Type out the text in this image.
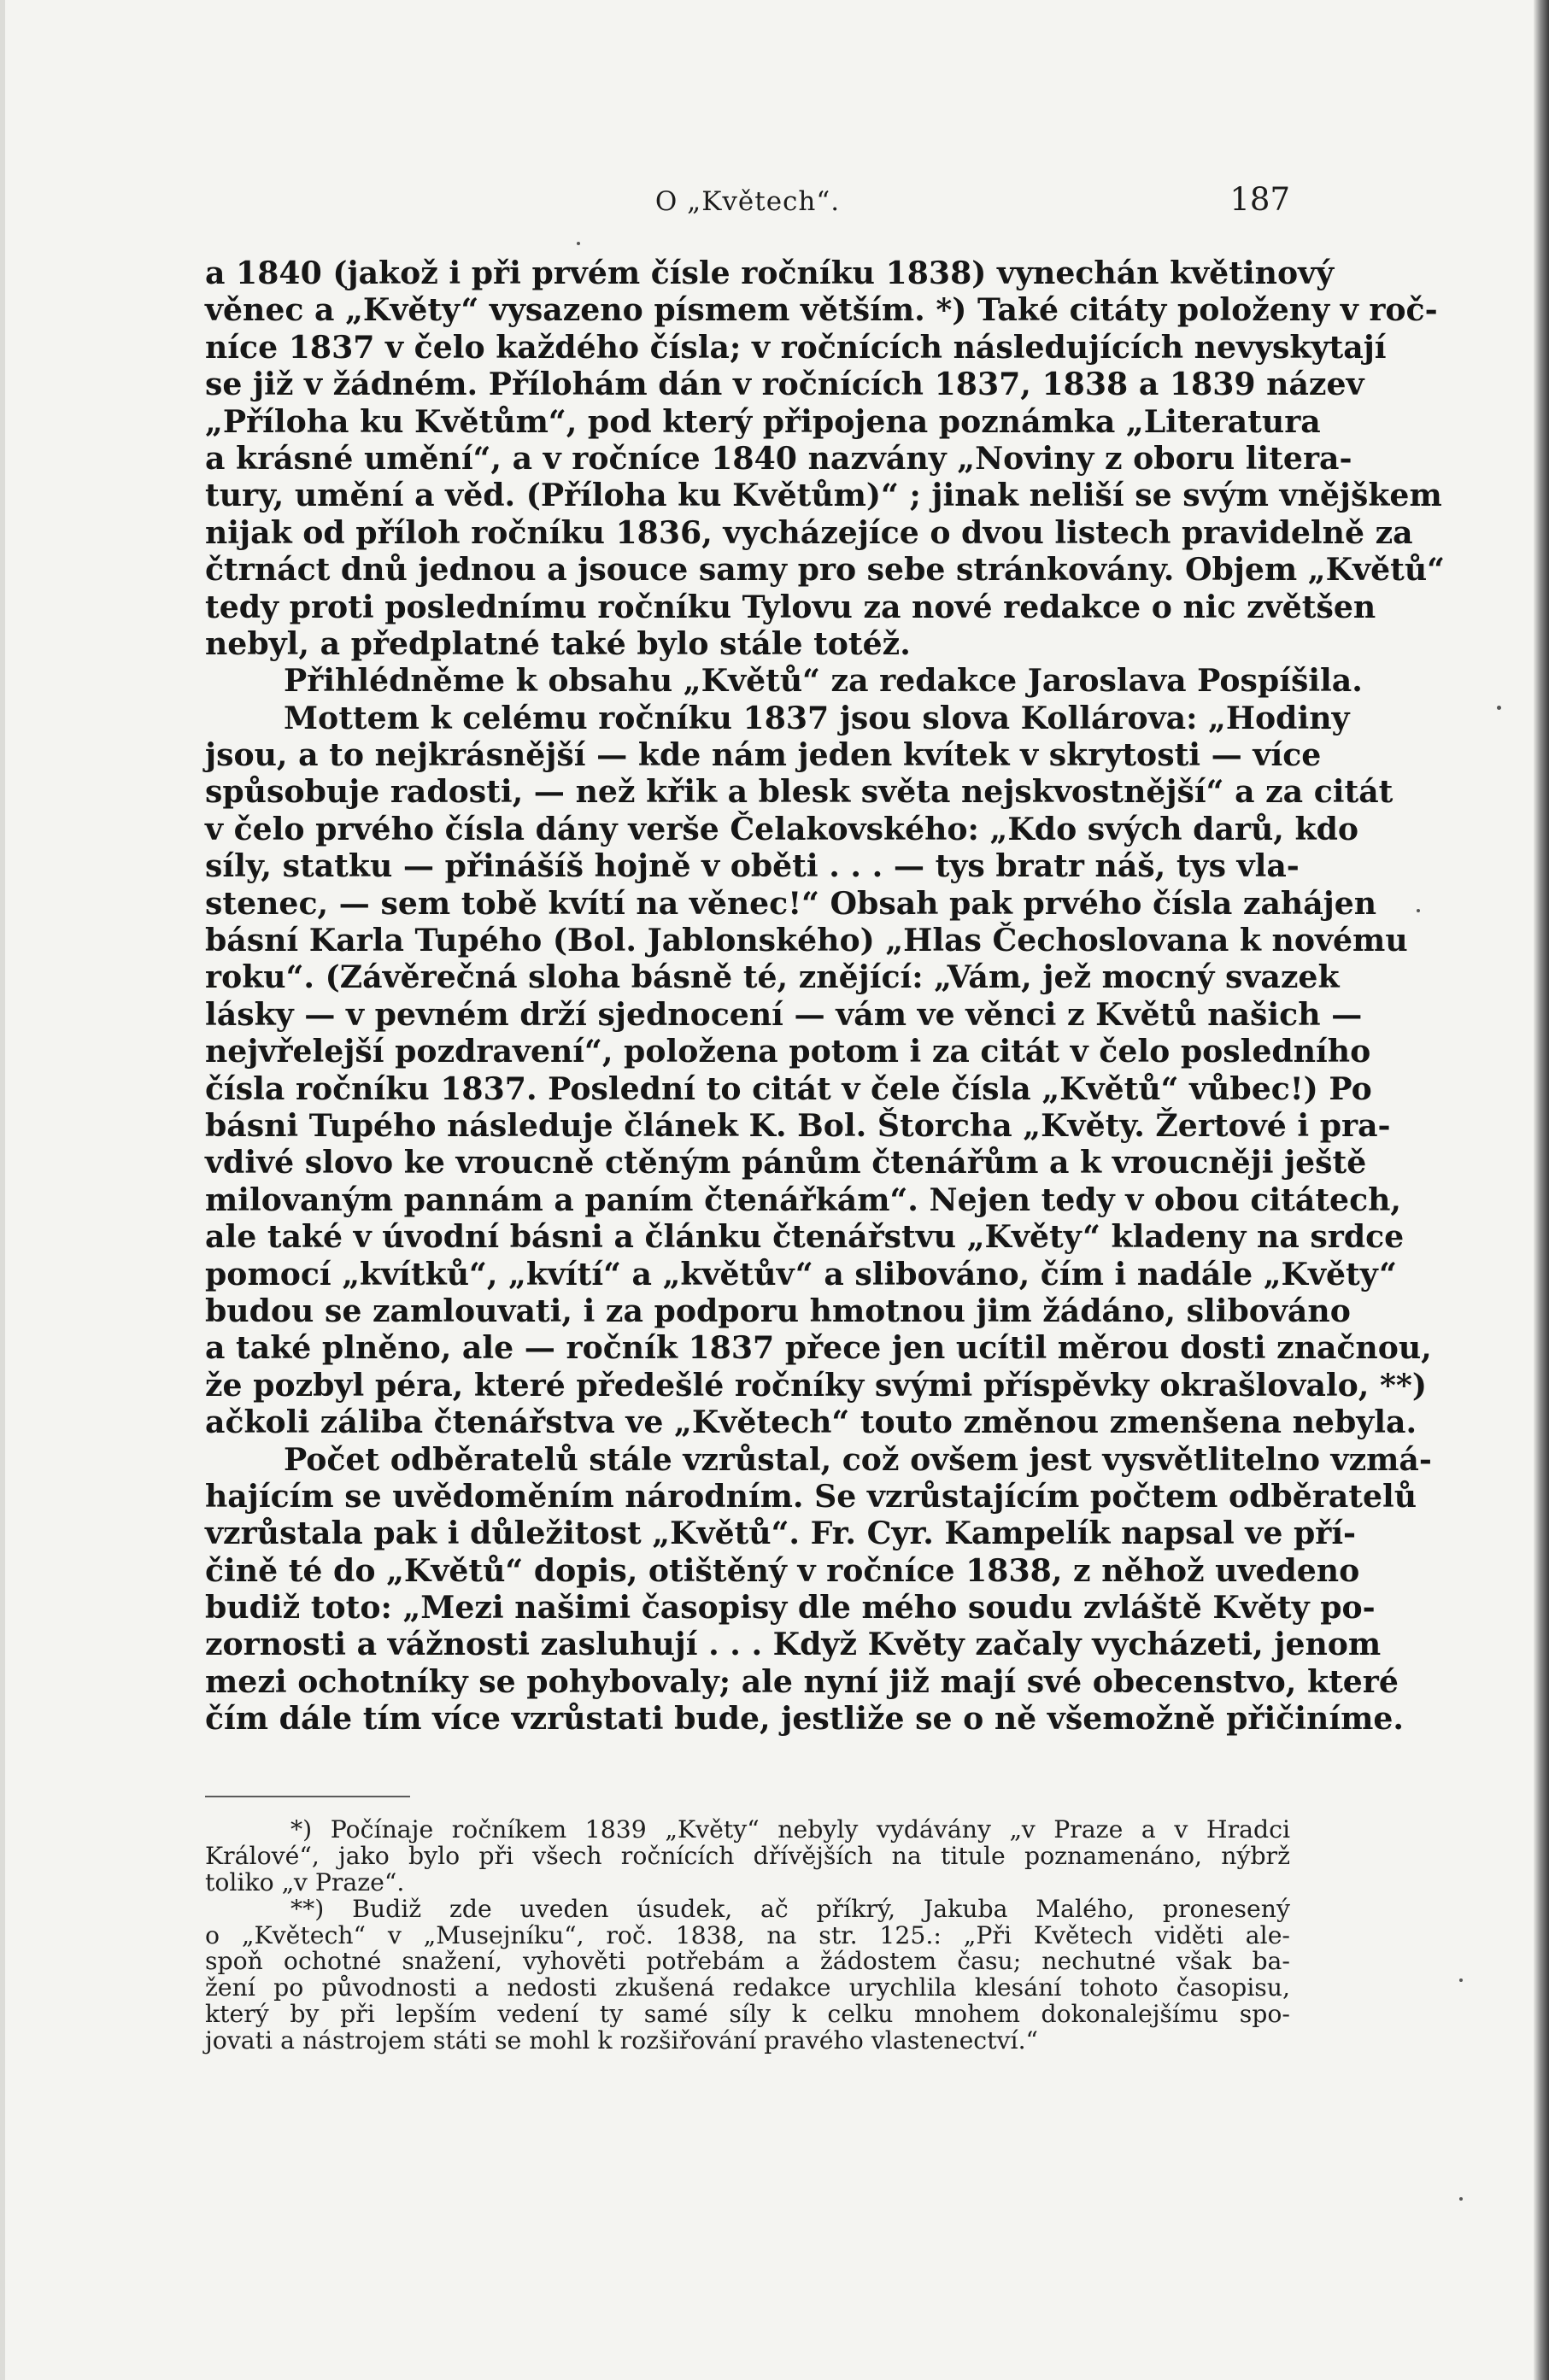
O „Květech“.	187
a 1840 (jakož i při prvém čísle ročníku 1838) vynechán květinový
věnec a „Květy“ vysazeno písmem větším. *) Také citáty položeny v roč-
níce 1837 v čelo každého čísla; v ročnících následujících nevyskytají
se již v žádném. Přílohám dán v ročnících 1837, 1838 a 1839 název
„Příloha ku Květům“, pod který připojena poznámka „Literatura
a krásné umění“, a v ročníce 1840 nazvány „Noviny z oboru litera-
tury, umění a věd. (Příloha ku Květům)“ ; jinak neliší se svým vnějškem
nijak od příloh ročníku 1836, vycházejíce o dvou listech pravidelně za
čtrnáct dnů jednou a jsouce samy pro sebe stránkovány. Objem „Květů“
tedy proti poslednímu ročníku Tylovu za nové redakce o nic zvětšen
nebyl, a předplatné také bylo stále totéž.
Přihlédněme k obsahu „Květů“ za redakce Jaroslava Pospíšila.
Mottem k celému ročníku 1837 jsou slova Kollárova: „Hodiny
jsou, a to nejkrásnější — kde nám jeden kvítek v skrytosti — více
spůsobuje radosti, — než křik a blesk světa nejskvostnější“ a za citát
v čelo prvého čísla dány verše Čelakovského: „Kdo svých darů, kdo
síly, statku — přinášíš hojně v oběti . . . — tys bratr náš, tys vla-
stenec, — sem tobě kvítí na věnec!“ Obsah pak prvého čísla zahájen
básní Karla Tupého (Bol. Jablonského) „Hlas Čechoslovana k novému
roku“. (Závěrečná sloha básně té, znějící: „Vám, jež mocný svazek
lásky — v pevném drží sjednocení — vám ve věnci z Květů našich —
nejvřelejší pozdravení“, položena potom i za citát v čelo posledního
čísla ročníku 1837. Poslední to citát v čele čísla „Květů“ vůbec!) Po
básni Tupého následuje článek K. Bol. Štorcha „Květy. Žertové i pra-
vdivé slovo ke vroucně ctěným pánům čtenářům a k vroucněji ještě
milovaným pannám a paním čtenářkám“. Nejen tedy v obou citátech,
ale také v úvodní básni a článku čtenářstvu „Květy“ kladeny na srdce
pomocí „kvítků“, „kvítí“ a „květův“ a slibováno, čím i nadále „Květy“
budou se zamlouvati, i za podporu hmotnou jim žádáno, slibováno
a také plněno, ale — ročník 1837 přece jen ucítil měrou dosti značnou,
že pozbyl péra, které předešlé ročníky svými příspěvky okrašlovalo, **)
ačkoli záliba čtenářstva ve „Květech“ touto změnou zmenšena nebyla.
Počet odběratelů stále vzrůstal, což ovšem jest vysvětlitelno vzmá-
hajícím se uvědoměním národním. Se vzrůstajícím počtem odběratelů
vzrůstala pak i důležitost „Květů“. Fr. Cyr. Kampelík napsal ve pří-
čině té do „Květů“ dopis, otištěný v ročníce 1838, z něhož uvedeno
budiž toto: „Mezi našimi časopisy dle mého soudu zvláště Květy po-
zornosti a vážnosti zasluhují . . . Když Květy začaly vycházeti, jenom
mezi ochotníky se pohybovaly; ale nyní již mají své obecenstvo, které
čím dále tím více vzrůstati bude, jestliže se o ně všemožně přičiníme.
*) Počínaje ročníkem 1839 „Květy“ nebyly vydávány „v Praze a v Hradci
Králové“, jako bylo při všech ročnících dřívějších na titule poznamenáno, nýbrž
toliko „v Praze“.
**) Budiž zde uveden úsudek, ač příkrý, Jakuba Malého, pronesený
o „Květech“ v „Musejníku“, roč. 1838, na str. 125.: „Při Květech viděti ale-
spoň ochotné snažení, vyhověti potřebám a žádostem času; nechutné však ba-
žení po původnosti a nedosti zkušená redakce urychlila klesání tohoto časopisu,
který by při lepším vedení ty samé síly k celku mnohem dokonalejšímu spo-
jovati a nástrojem státi se mohl k rozšiřování pravého vlastenectví.“
